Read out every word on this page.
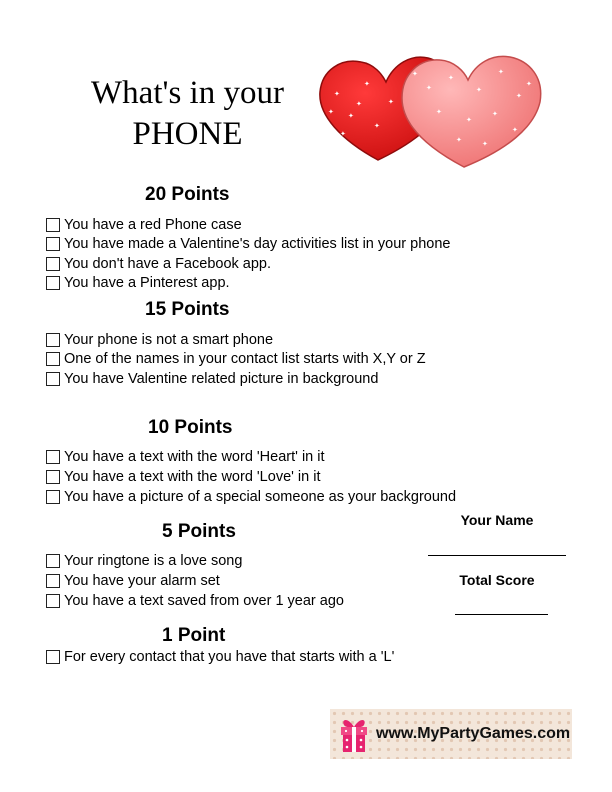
What's in your
PHONE
✦
✦
✦
✦
✦
✦
✦
✦
✦
✦
✦
✦
✦
✦
✦
✦
✦
✦
✦
✦
✦
20 Points
You have a red Phone case
You have made a Valentine's day activities list in your phone
You don't have a Facebook app.
You have a Pinterest app.
15 Points
Your phone is not a smart phone
One of the names in your contact list starts with X,Y or Z
You have Valentine related picture in background
10 Points
You have a text with the word 'Heart' in it
You have a text with the word 'Love' in it
You have a picture of a special someone as your background
5 Points
Your ringtone is a love song
You have your alarm set
You have a text saved from over 1 year ago
1 Point
For every contact that you have that starts with a 'L'
Your Name
Total Score
www.MyPartyGames.com
